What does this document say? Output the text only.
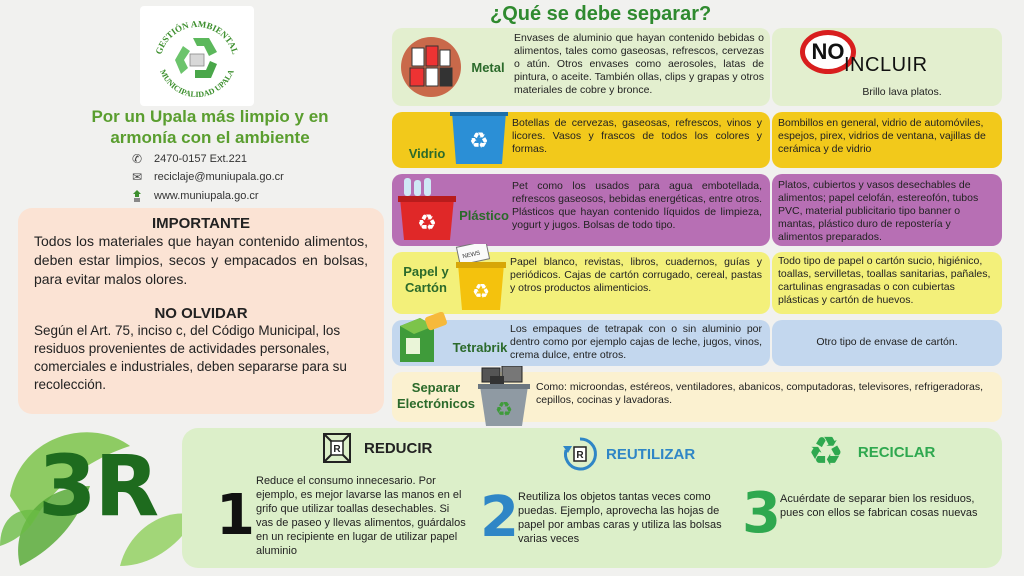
GESTIÓN AMBIENTAL
MUNICIPALIDAD UPALA
Por un Upala más limpio y en armonía con el ambiente
✆	2470-0157 Ext.221
✉	reciclaje@muniupala.go.cr
www.muniupala.go.cr
IMPORTANTE

Todos los materiales que hayan contenido alimentos, deben estar limpios, secos y empacados en bolsas, para evitar malos olores.

NO OLVIDAR

Según el Art. 75, inciso c, del Código Municipal, los residuos provenientes de actividades personales, comerciales e industriales, deben separarse para su recolección.

3R
¿Qué se debe separar?
Metal
Envases de aluminio que hayan contenido bebidas o alimentos, tales como gaseosas, refrescos, cervezas o atún. Otros envases como aerosoles, latas de pintura, o aceite. También ollas, clips y grapas y otros materiales de cobre y bronce.
NO
INCLUIR
Brillo lava platos.
Vidrio
♻
Botellas de cervezas, gaseosas, refrescos, vinos y licores. Vasos y frascos de todos los colores y formas.
Bombillos en general, vidrio de automóviles, espejos, pirex, vidrios de ventana, vajillas de cerámica y de vidrio
♻ Plástico
Pet como los usados para agua embotellada, refrescos gaseosos, bebidas energéticas, entre otros. Plásticos que hayan contenido líquidos de limpieza, yogurt y jugos. Bolsas de todo tipo.
Platos, cubiertos y vasos desechables de alimentos; papel celofán, estereofón, tubos PVC, material publicitario tipo banner o mantas, plástico duro de repostería y alimentos preparados.
Papel y Cartón
NEWS
♻
Papel blanco, revistas, libros, cuadernos, guías y periódicos. Cajas de cartón corrugado, cereal, pastas y otros productos alimenticios.
Todo tipo de papel o cartón sucio, higiénico, toallas, servilletas, toallas sanitarias, pañales, cartulinas engrasadas o con cubiertas plásticas y cartón de huevos.
Tetrabrik
Los empaques de tetrapak con o sin aluminio por dentro como por ejemplo cajas de leche, jugos, vinos, crema dulce, entre otros.
Otro tipo de envase de cartón.
Separar Electrónicos ♻
Como: microondas, estéreos, ventiladores, abanicos, computadoras, televisores, refrigeradoras, cepillos, cocinas y lavadoras.
R REDUCIR
1
Reduce el consumo innecesario. Por ejemplo, es mejor lavarse las manos en el grifo que utilizar toallas desechables. Si vas de paseo y llevas alimentos, guárdalos en un recipiente en lugar de utilizar papel aluminio
R REUTILIZAR
2 Reutiliza los objetos tantas veces como puedas. Ejemplo, aprovecha las hojas de papel por ambas caras y utiliza las bolsas varias veces
♻ RECICLAR
3 Acuérdate de separar bien los residuos, pues con ellos se fabrican cosas nuevas
